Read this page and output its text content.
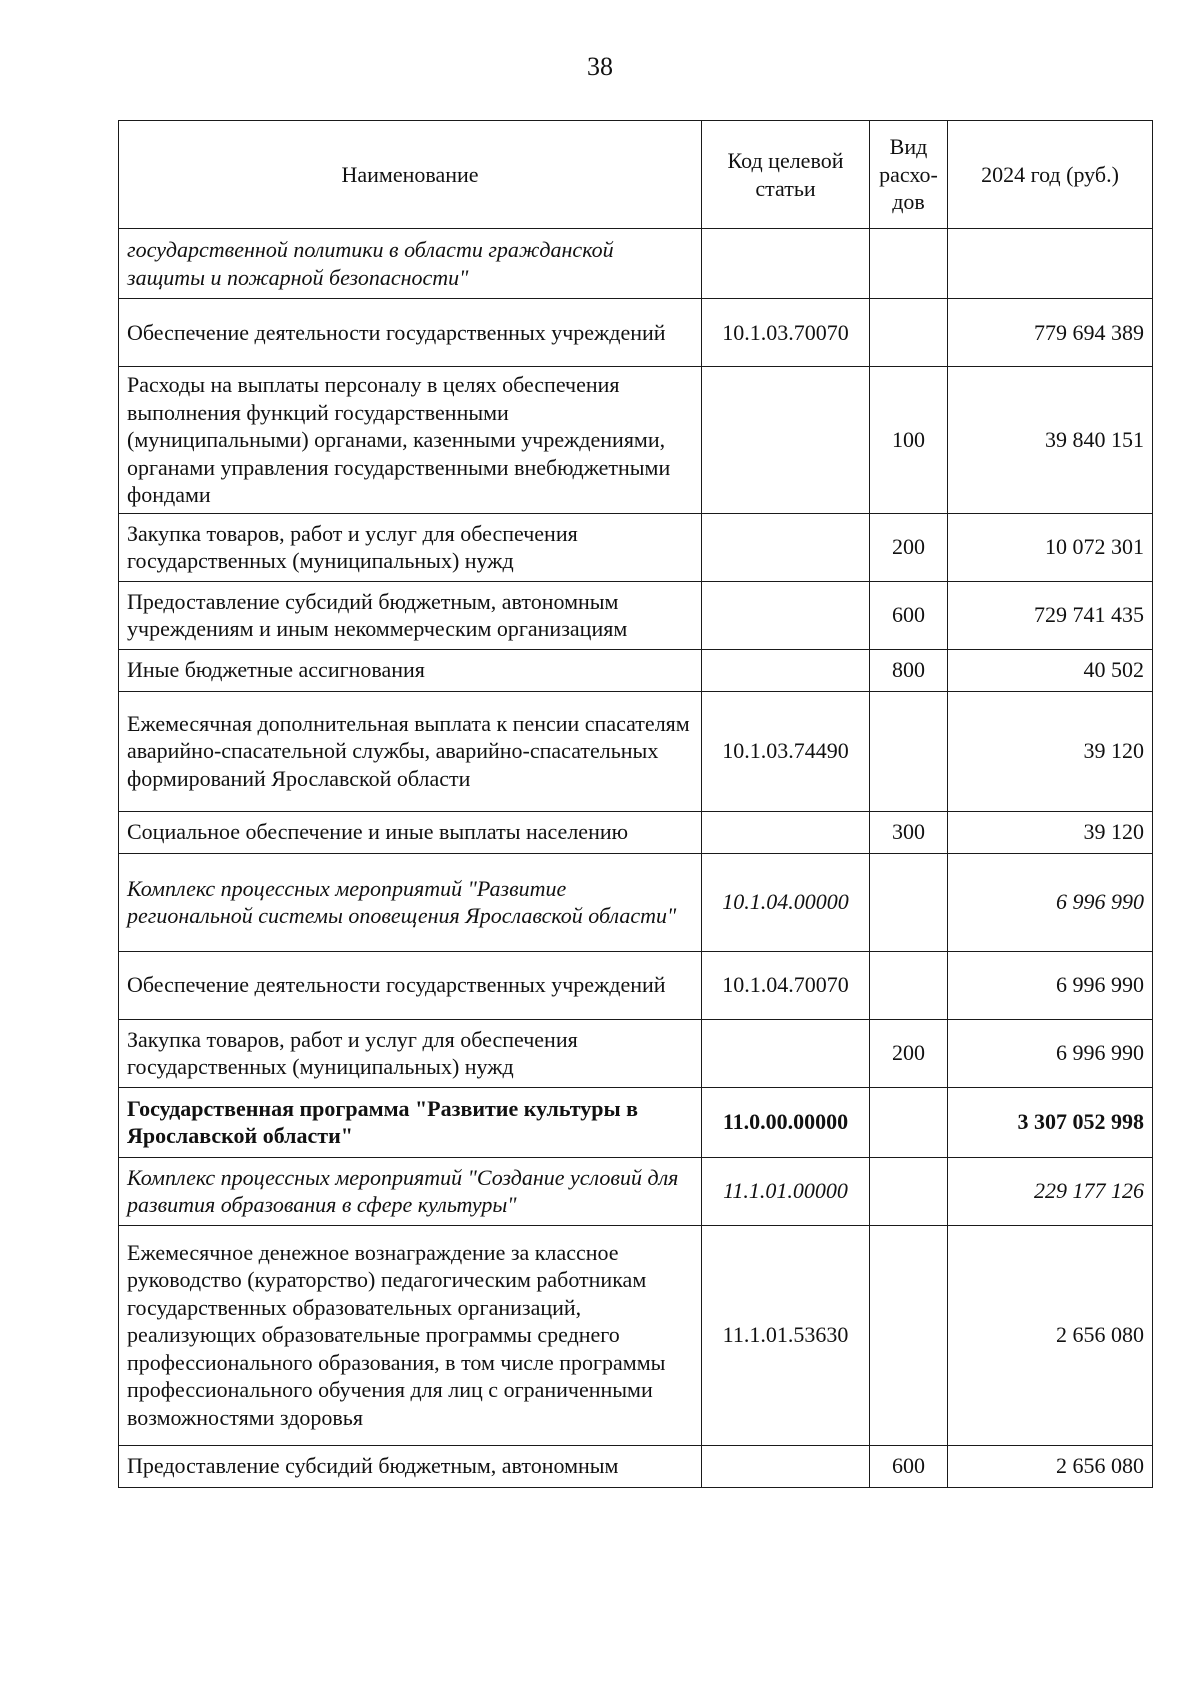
38
Наименование	Код целевой статьи	Вид расхо-дов	2024 год (руб.)
государственной политики в области гражданской защиты и пожарной безопасности"			
Обеспечение деятельности государственных учреждений	10.1.03.70070		779 694 389
Расходы на выплаты персоналу в целях обеспечения выполнения функций государственными (муниципальными) органами, казенными учреждениями, органами управления государственными внебюджетными фондами		100	39 840 151
Закупка товаров, работ и услуг для обеспечения государственных (муниципальных) нужд		200	10 072 301
Предоставление субсидий бюджетным, автономным учреждениям и иным некоммерческим организациям		600	729 741 435
Иные бюджетные ассигнования		800	40 502
Ежемесячная дополнительная выплата к пенсии спасателям аварийно-спасательной службы, аварийно-спасательных формирований Ярославской области	10.1.03.74490		39 120
Социальное обеспечение и иные выплаты населению		300	39 120
Комплекс процессных мероприятий "Развитие региональной системы оповещения Ярославской области"	10.1.04.00000		6 996 990
Обеспечение деятельности государственных учреждений	10.1.04.70070		6 996 990
Закупка товаров, работ и услуг для обеспечения государственных (муниципальных) нужд		200	6 996 990
Государственная программа "Развитие культуры в Ярославской области"	11.0.00.00000		3 307 052 998
Комплекс процессных мероприятий "Создание условий для развития образования в сфере культуры"	11.1.01.00000		229 177 126
Ежемесячное денежное вознаграждение за классное руководство (кураторство) педагогическим работникам государственных образовательных организаций, реализующих образовательные программы среднего профессионального образования, в том числе программы профессионального обучения для лиц с ограниченными возможностями здоровья	11.1.01.53630		2 656 080
Предоставление субсидий бюджетным, автономным		600	2 656 080
